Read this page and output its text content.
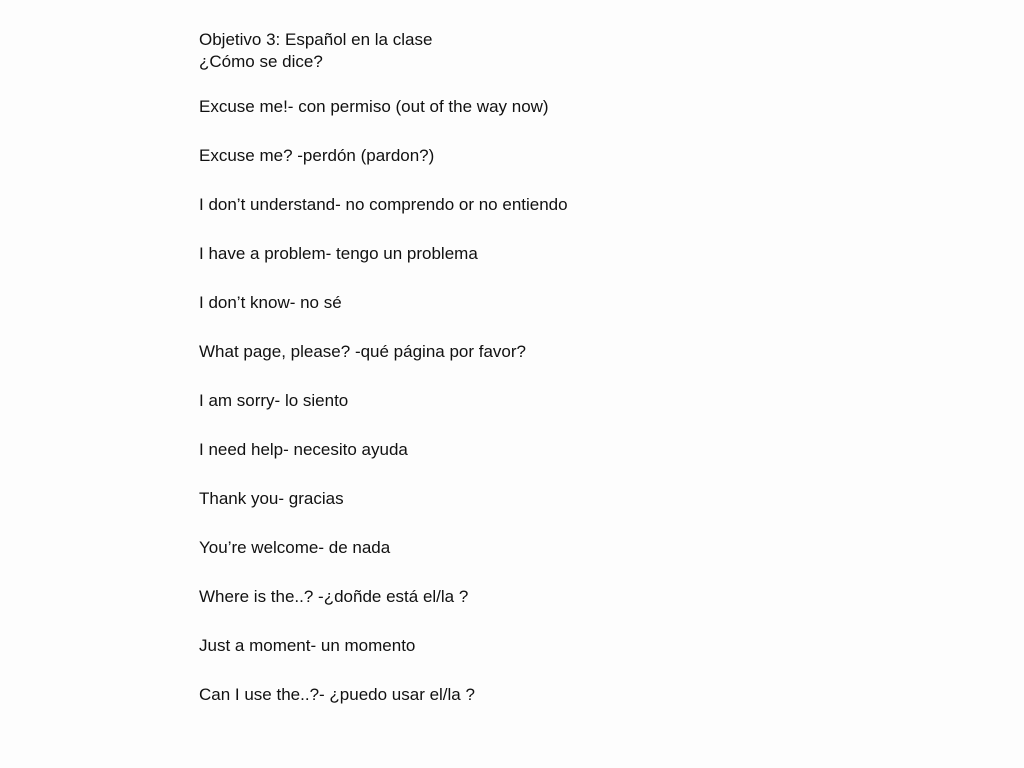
Objetivo 3: Español en la clase

¿Cómo se dice?

Excuse me!- con permiso (out of the way now)
Excuse me? -perdón (pardon?)
I don’t understand- no comprendo or no entiendo
I have a problem- tengo un problema
I don’t know- no sé
What page, please? -qué página por favor?
I am sorry- lo siento
I need help- necesito ayuda
Thank you- gracias
You’re welcome- de nada
Where is the..? -¿doñde está el/la ?
Just a moment- un momento
Can I use the..?- ¿puedo usar el/la ?
